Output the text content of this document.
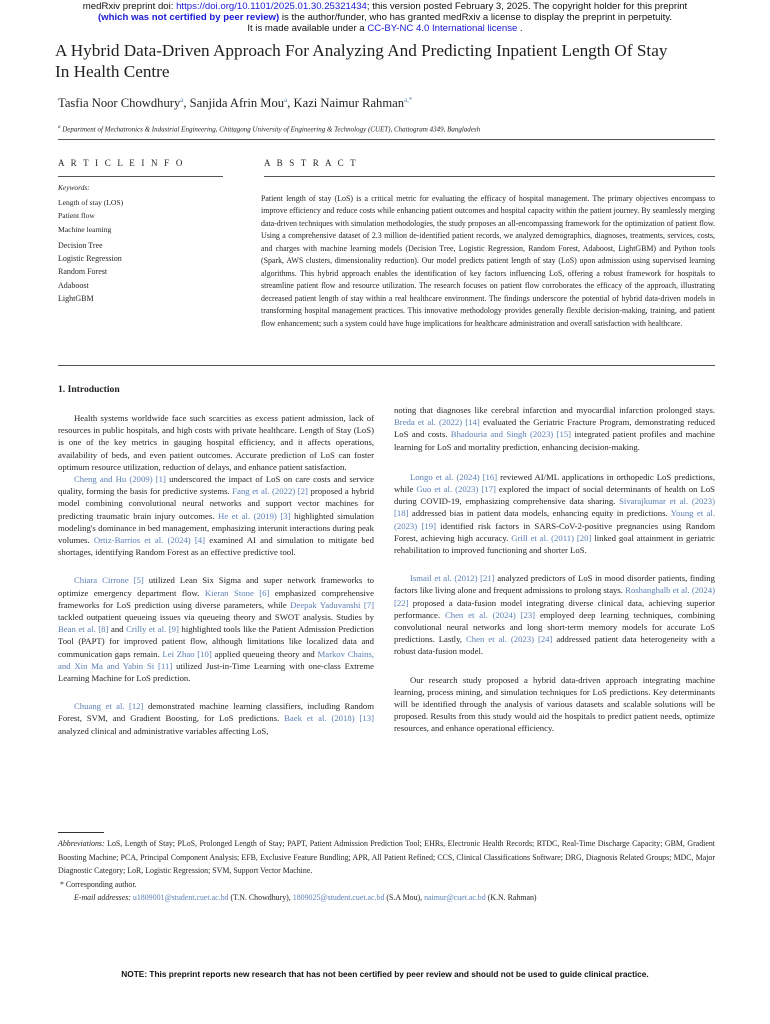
medRxiv preprint doi: https://doi.org/10.1101/2025.01.30.25321434; this version posted February 3, 2025. The copyright holder for this preprint
(which was not certified by peer review) is the author/funder, who has granted medRxiv a license to display the preprint in perpetuity.
It is made available under a CC-BY-NC 4.0 International license .
A Hybrid Data-Driven Approach For Analyzing And Predicting Inpatient Length Of Stay
In Health Centre
Tasfia Noor Chowdhury$^a$, Sanjida Afrin Mou$^a$, Kazi Naimur Rahman$^{a,*}$
$^a$ Department of Mechatronics & Industrial Engineering, Chittagong University of Engineering & Technology (CUET), Chattogram 4349, Bangladesh
A R T I C L E I N F O
Keywords:
Length of stay (LOS)
Patient flow
Machine learning
Decision Tree
Logistic Regression
Random Forest
Adaboost
LightGBM
A B S T R A C T
Patient length of stay (LoS) is a critical metric for evaluating the efficacy of hospital management. The primary objectives encompass to improve efficiency and reduce costs while enhancing patient outcomes and hospital capacity within the patient journey. By seamlessly merging data-driven techniques with simulation methodologies, the study proposes an all-encompassing framework for the optimization of patient flow. Using a comprehensive dataset of 2.3 million de-identified patient records, we analyzed demographics, diagnoses, treatments, services, costs, and charges with machine learning models (Decision Tree, Logistic Regression, Random Forest, Adaboost, LightGBM) and Python tools (Spark, AWS clusters, dimensionality reduction). Our model predicts patient length of stay (LoS) upon admission using supervised learning algorithms. This hybrid approach enables the identification of key factors influencing LoS, offering a robust framework for hospitals to streamline patient flow and resource utilization. The research focuses on patient flow corroborates the efficacy of the approach, illustrating decreased patient length of stay within a real healthcare environment. The findings underscore the potential of hybrid data-driven models in transforming hospital management practices. This innovative methodology provides generally flexible decision-making, training, and patient flow enhancement; such a system could have huge implications for healthcare administration and overall satisfaction with healthcare.
1. Introduction

Health systems worldwide face such scarcities as excess patient admission, lack of resources in public hospitals, and high costs with private healthcare. Length of Stay (LoS) is one of the key metrics in gauging hospital efficiency, and it affects operations, availability of beds, and even patient outcomes. Accurate prediction of LoS can foster optimum resource utilization, reduction of delays, and enhance patient satisfaction.

Cheng and Hu (2009) [1] underscored the impact of LoS on care costs and service quality, forming the basis for predictive systems. Fang et al. (2022) [2] proposed a hybrid model combining convolutional neural networks and support vector machines for predicting traumatic brain injury outcomes. He et al. (2019) [3] highlighted simulation modeling's dominance in bed management, emphasizing interunit interactions during peak volumes. Ortiz-Barrios et al. (2024) [4] examined AI and simulation to mitigate bed shortages, identifying Random Forest as an effective predictive tool.

Chiara Cirrone [5] utilized Lean Six Sigma and super network frameworks to optimize emergency department flow. Kieran Stone [6] emphasized comprehensive frameworks for LoS prediction using diverse parameters, while Deepak Yaduvanshi [7] tackled outpatient queueing issues via queueing theory and SWOT analysis. Studies by Bean et al. [8] and Crilly et al. [9] highlighted tools like the Patient Admission Prediction Tool (PAPT) for improved patient flow, although limitations like localized data and communication gaps remain. Lei Zhao [10] applied queueing theory and Markov Chains, and Xin Ma and Yabin Si [11] utilized Just-in-Time Learning with one-class Extreme Learning Machine for LoS prediction.

Chuang et al. [12] demonstrated machine learning classifiers, including Random Forest, SVM, and Gradient Boosting, for LoS predictions. Baek et al. (2018) [13] analyzed clinical and administrative variables affecting LoS,

noting that diagnoses like cerebral infarction and myocardial infarction prolonged stays. Breda et al. (2022) [14] evaluated the Geriatric Fracture Program, demonstrating reduced LoS and costs. Bhadouria and Singh (2023) [15] integrated patient profiles and machine learning for LoS and mortality prediction, enhancing decision-making.

Longo et al. (2024) [16] reviewed AI/ML applications in orthopedic LoS predictions, while Guo et al. (2023) [17] explored the impact of social determinants of health on LoS during COVID-19, emphasizing comprehensive data sharing. Sivarajkumar et al. (2023) [18] addressed bias in patient data models, enhancing equity in predictions. Young et al. (2023) [19] identified risk factors in SARS-CoV-2-positive pregnancies using Random Forest, achieving high accuracy. Grill et al. (2011) [20] linked goal attainment in geriatric rehabilitation to improved functioning and shorter LoS.

Ismail et al. (2012) [21] analyzed predictors of LoS in mood disorder patients, finding factors like living alone and frequent admissions to prolong stays. Roshanghalb et al. (2024) [22] proposed a data-fusion model integrating diverse clinical data, achieving superior performance. Chen et al. (2024) [23] employed deep learning techniques, combining convolutional neural networks and long short-term memory models for accurate LoS predictions. Lastly, Chen et al. (2023) [24] addressed patient data heterogeneity with a robust data-fusion model.

Our research study proposed a hybrid data-driven approach integrating machine learning, process mining, and simulation techniques for LoS predictions. Key determinants will be identified through the analysis of various datasets and scalable solutions will be proposed. Results from this study would aid the hospitals to predict patient needs, optimize resources, and enhance operational efficiency.

Abbreviations: LoS, Length of Stay; PLoS, Prolonged Length of Stay; PAPT, Patient Admission Prediction Tool; EHRs, Electronic Health Records; RTDC, Real-Time Discharge Capacity; GBM, Gradient Boosting Machine; PCA, Principal Component Analysis; EFB, Exclusive Feature Bundling; APR, All Patient Refined; CCS, Clinical Classifications Software; DRG, Diagnosis Related Groups; MDC, Major Diagnostic Category; LoR, Logistic Regression; SVM, Support Vector Machine.

* Corresponding author.

E-mail addresses: u1809001@student.cuet.ac.bd (T.N. Chowdhury), 1809025@student.cuet.ac.bd (S.A Mou), naimur@cuet.ac.bd (K.N. Rahman)

NOTE: This preprint reports new research that has not been certified by peer review and should not be used to guide clinical practice.
